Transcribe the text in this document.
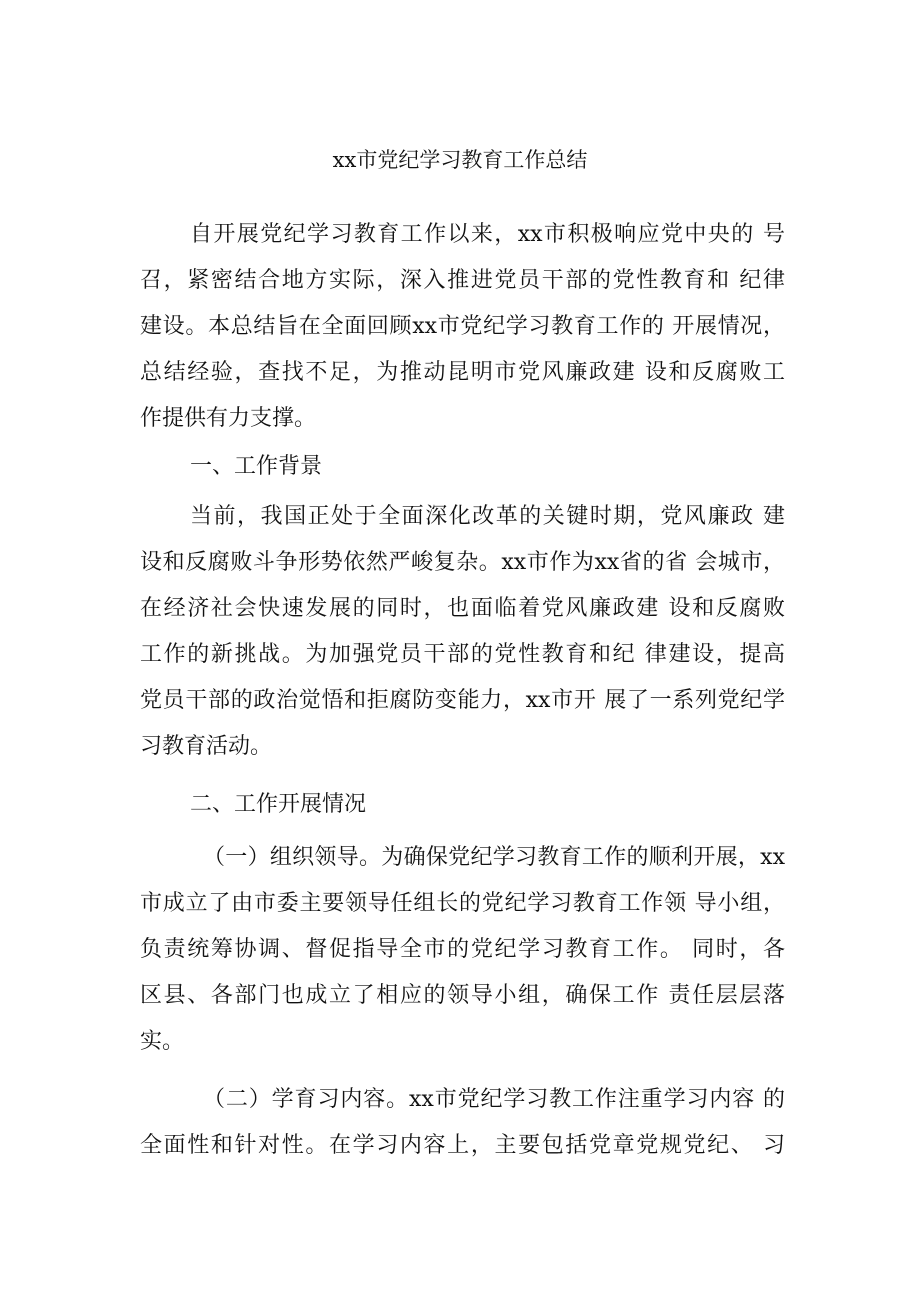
xx市党纪学习教育工作总结
自开展党纪学习教育工作以来，xx市积极响应党中央的 号
召，紧密结合地方实际，深入推进党员干部的党性教育和 纪律
建设。本总结旨在全面回顾xx市党纪学习教育工作的 开展情况，
总结经验，查找不足，为推动昆明市党风廉政建 设和反腐败工
作提供有力支撑。
一、工作背景
当前，我国正处于全面深化改革的关键时期，党风廉政 建
设和反腐败斗争形势依然严峻复杂。xx市作为xx省的省 会城市，
在经济社会快速发展的同时，也面临着党风廉政建 设和反腐败
工作的新挑战。为加强党员干部的党性教育和纪 律建设，提高
党员干部的政治觉悟和拒腐防变能力，xx市开 展了一系列党纪学
习教育活动。
二、工作开展情况
（一）组织领导。为确保党纪学习教育工作的顺利开展，xx
市成立了由市委主要领导任组长的党纪学习教育工作领 导小组，
负责统筹协调、督促指导全市的党纪学习教育工作。 同时，各
区县、各部门也成立了相应的领导小组，确保工作 责任层层落
实。
（二）学育习内容。xx市党纪学习教工作注重学习内容 的
全面性和针对性。在学习内容上，主要包括党章党规党纪、 习
